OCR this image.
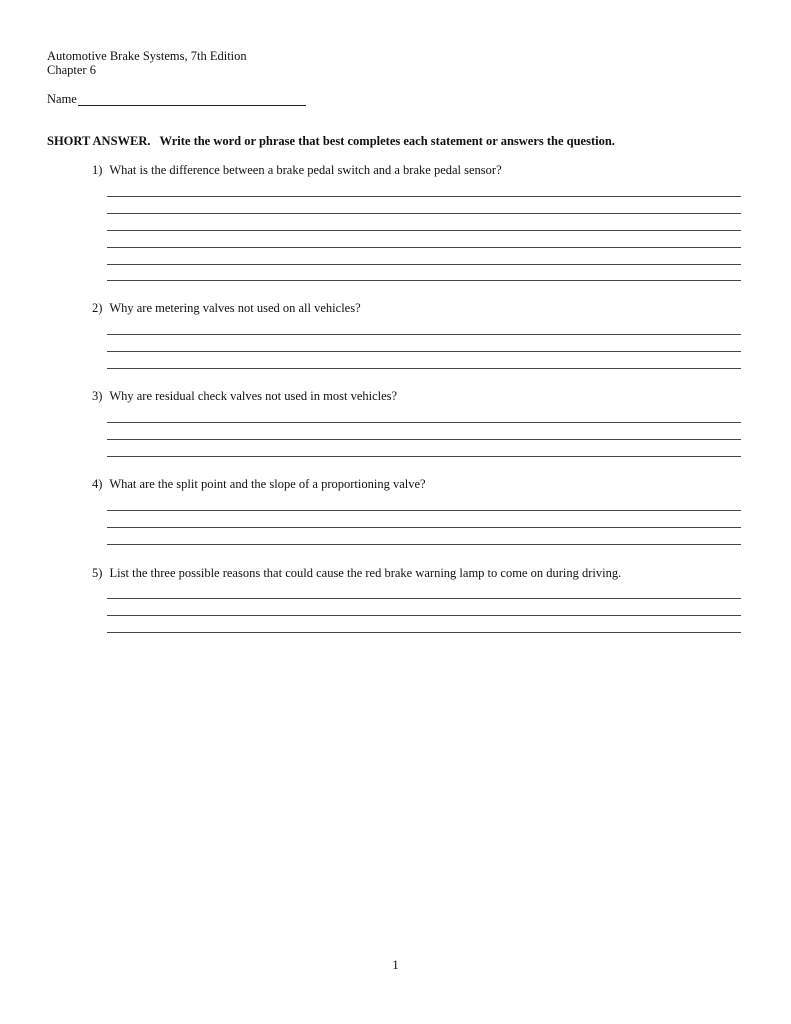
Automotive Brake Systems, 7th Edition
Chapter 6
Name
SHORT ANSWER. Write the word or phrase that best completes each statement or answers the question.
1) What is the difference between a brake pedal switch and a brake pedal sensor?
2) Why are metering valves not used on all vehicles?
3) Why are residual check valves not used in most vehicles?
4) What are the split point and the slope of a proportioning valve?
5) List the three possible reasons that could cause the red brake warning lamp to come on during driving.
1
